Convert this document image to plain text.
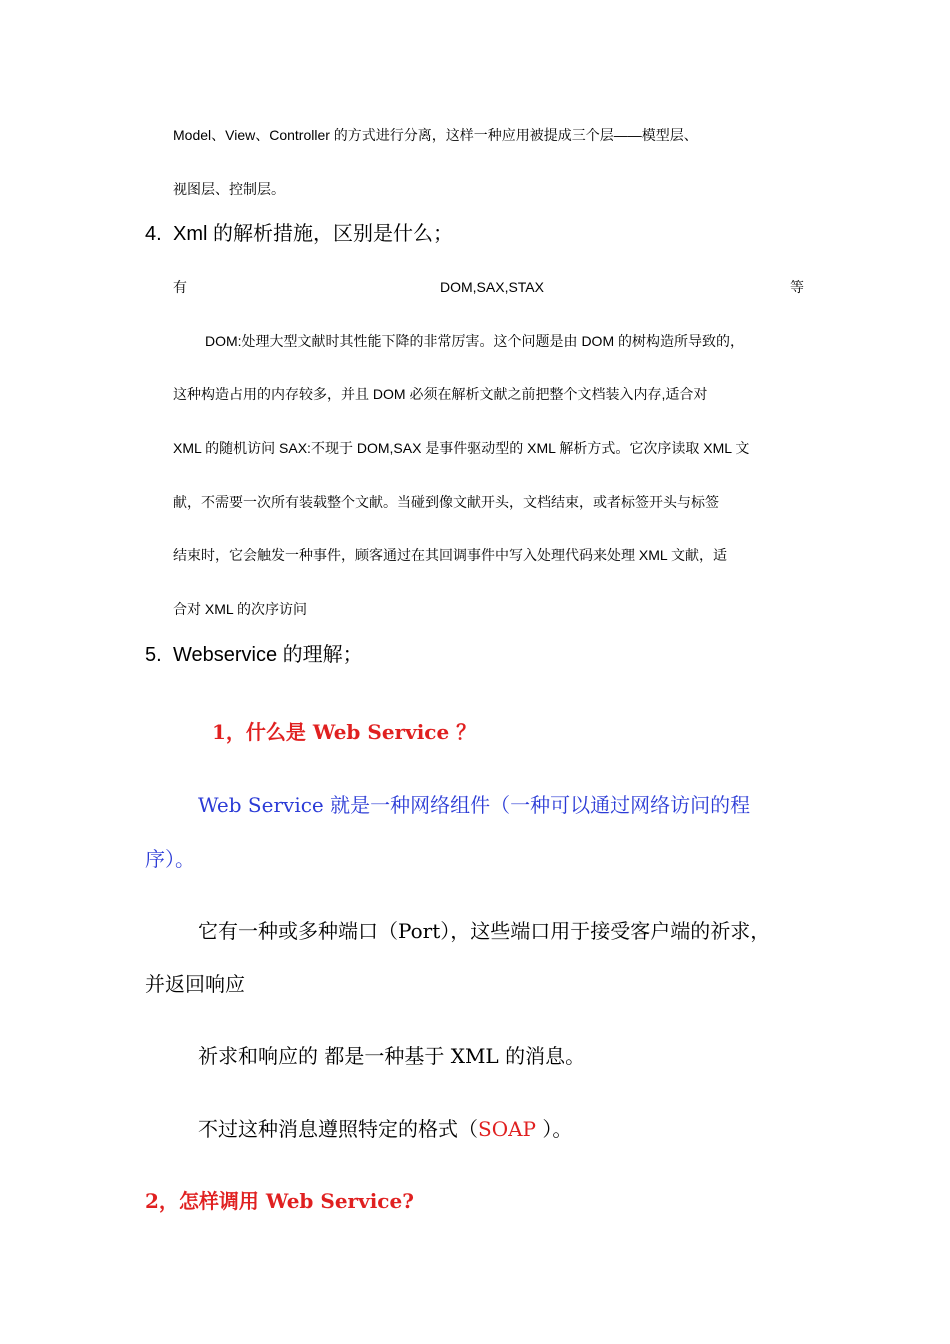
Model、View、Controller 的方式进行分离，这样一种应用被提成三个层——模型层、
视图层、控制层。
4. Xml 的解析措施，区别是什么；
有	DOM,SAX,STAX	等
DOM:处理大型文献时其性能下降的非常厉害。这个问题是由 DOM 的树构造所导致的，
这种构造占用的内存较多，并且 DOM 必须在解析文献之前把整个文档装入内存,适合对
XML 的随机访问 SAX:不现于 DOM,SAX 是事件驱动型的 XML 解析方式。它次序读取 XML 文
献，不需要一次所有装载整个文献。当碰到像文献开头，文档结束，或者标签开头与标签
结束时，它会触发一种事件，顾客通过在其回调事件中写入处理代码来处理 XML 文献，适
合对 XML 的次序访问
5. Webservice 的理解；
1，什么是 Web Service ？
Web Service 就是一种网络组件（一种可以通过网络访问的程
序）。
它有一种或多种端口（Port），这些端口用于接受客户端的祈求，
并返回响应
祈求和响应的 都是一种基于 XML 的消息。
不过这种消息遵照特定的格式（SOAP ）。
2，怎样调用 Web Service?
